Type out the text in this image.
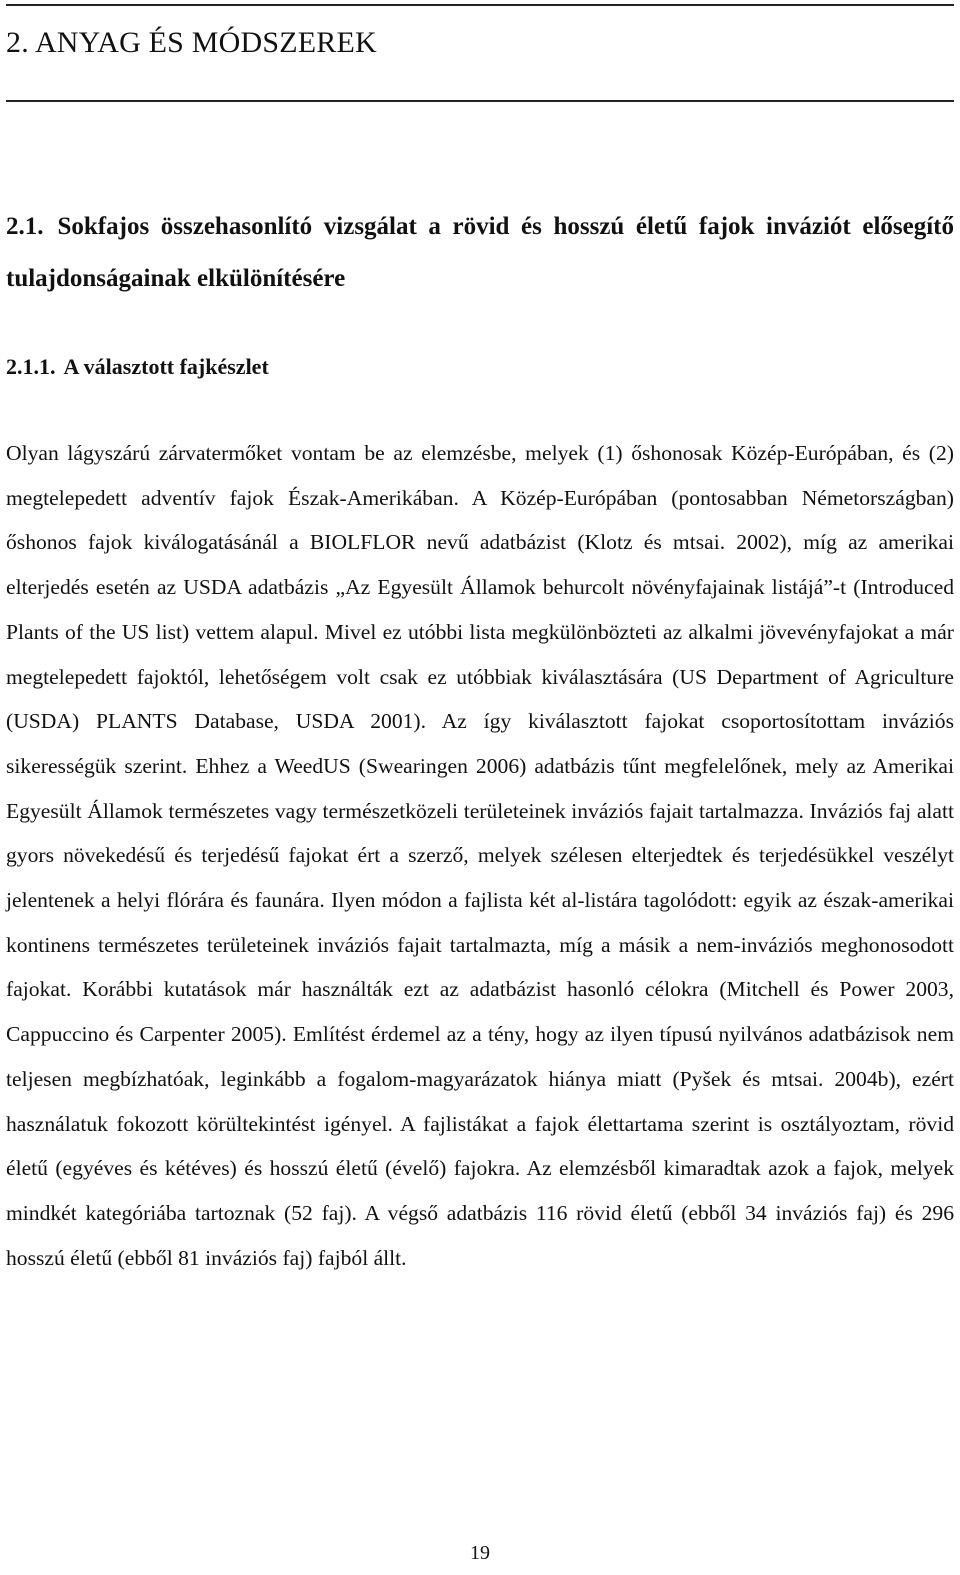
2. ANYAG ÉS MÓDSZEREK
2.1. Sokfajos összehasonlító vizsgálat a rövid és hosszú életű fajok inváziót elősegítő tulajdonságainak elkülönítésére
2.1.1. A választott fajkészlet

Olyan lágyszárú zárvatermőket vontam be az elemzésbe, melyek (1) őshonosak Közép-Európában, és (2) megtelepedett adventív fajok Észak-Amerikában. A Közép-Európában (pontosabban Németországban) őshonos fajok kiválogatásánál a BIOLFLOR nevű adatbázist (Klotz és mtsai. 2002), míg az amerikai elterjedés esetén az USDA adatbázis „Az Egyesült Államok behurcolt növényfajainak listájá”-t (Introduced Plants of the US list) vettem alapul. Mivel ez utóbbi lista megkülönbözteti az alkalmi jövevényfajokat a már megtelepedett fajoktól, lehetőségem volt csak ez utóbbiak kiválasztására (US Department of Agriculture (USDA) PLANTS Database, USDA 2001). Az így kiválasztott fajokat csoportosítottam inváziós sikerességük szerint. Ehhez a WeedUS (Swearingen 2006) adatbázis tűnt megfelelőnek, mely az Amerikai Egyesült Államok természetes vagy természetközeli területeinek inváziós fajait tartalmazza. Inváziós faj alatt gyors növekedésű és terjedésű fajokat ért a szerző, melyek szélesen elterjedtek és terjedésükkel veszélyt jelentenek a helyi flórára és faunára. Ilyen módon a fajlista két al-listára tagolódott: egyik az észak-amerikai kontinens természetes területeinek inváziós fajait tartalmazta, míg a másik a nem-inváziós meghonosodott fajokat. Korábbi kutatások már használták ezt az adatbázist hasonló célokra (Mitchell és Power 2003, Cappuccino és Carpenter 2005). Említést érdemel az a tény, hogy az ilyen típusú nyilvános adatbázisok nem teljesen megbízhatóak, leginkább a fogalom-magyarázatok hiánya miatt (Pyšek és mtsai. 2004b), ezért használatuk fokozott körültekintést igényel. A fajlistákat a fajok élettartama szerint is osztályoztam, rövid életű (egyéves és kétéves) és hosszú életű (évelő) fajokra. Az elemzésből kimaradtak azok a fajok, melyek mindkét kategóriába tartoznak (52 faj). A végső adatbázis 116 rövid életű (ebből 34 inváziós faj) és 296 hosszú életű (ebből 81 inváziós faj) fajból állt.

19
